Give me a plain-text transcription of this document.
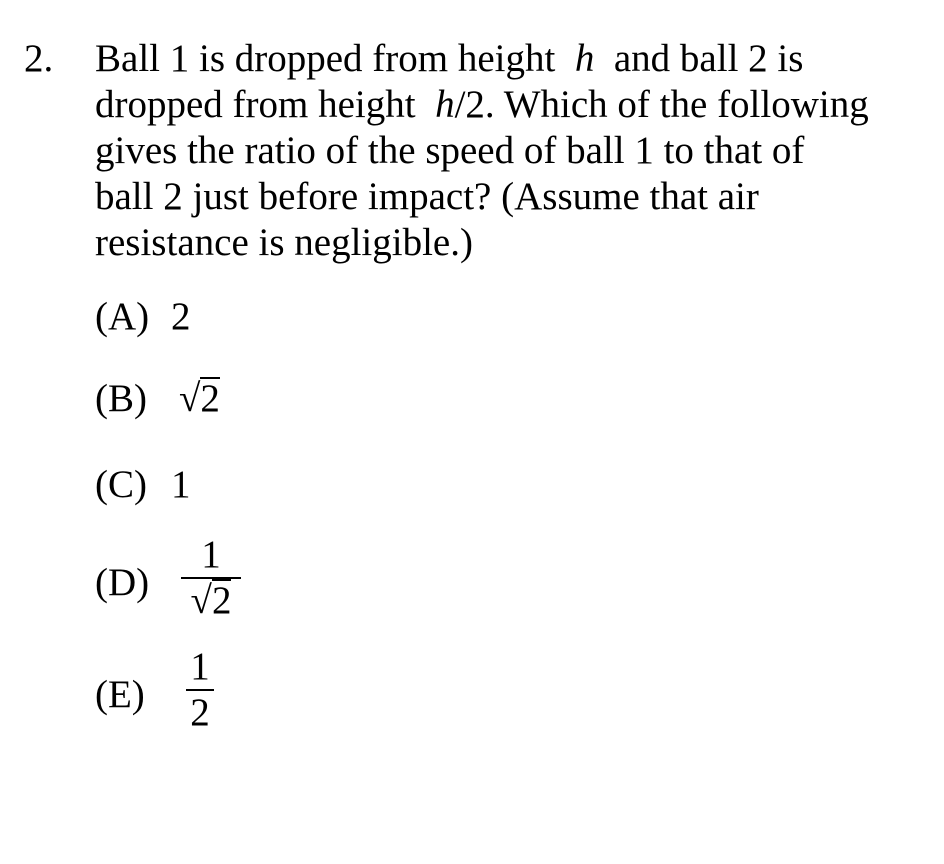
2. Ball 1 is dropped from height  h  and ball 2 is
dropped from height  h/2. Which of the following
gives the ratio of the speed of ball 1 to that of
ball 2 just before impact? (Assume that air
resistance is negligible.)
(A) 2
(B) √2
(C) 1
(D)
1
√2
(E)
1
2
